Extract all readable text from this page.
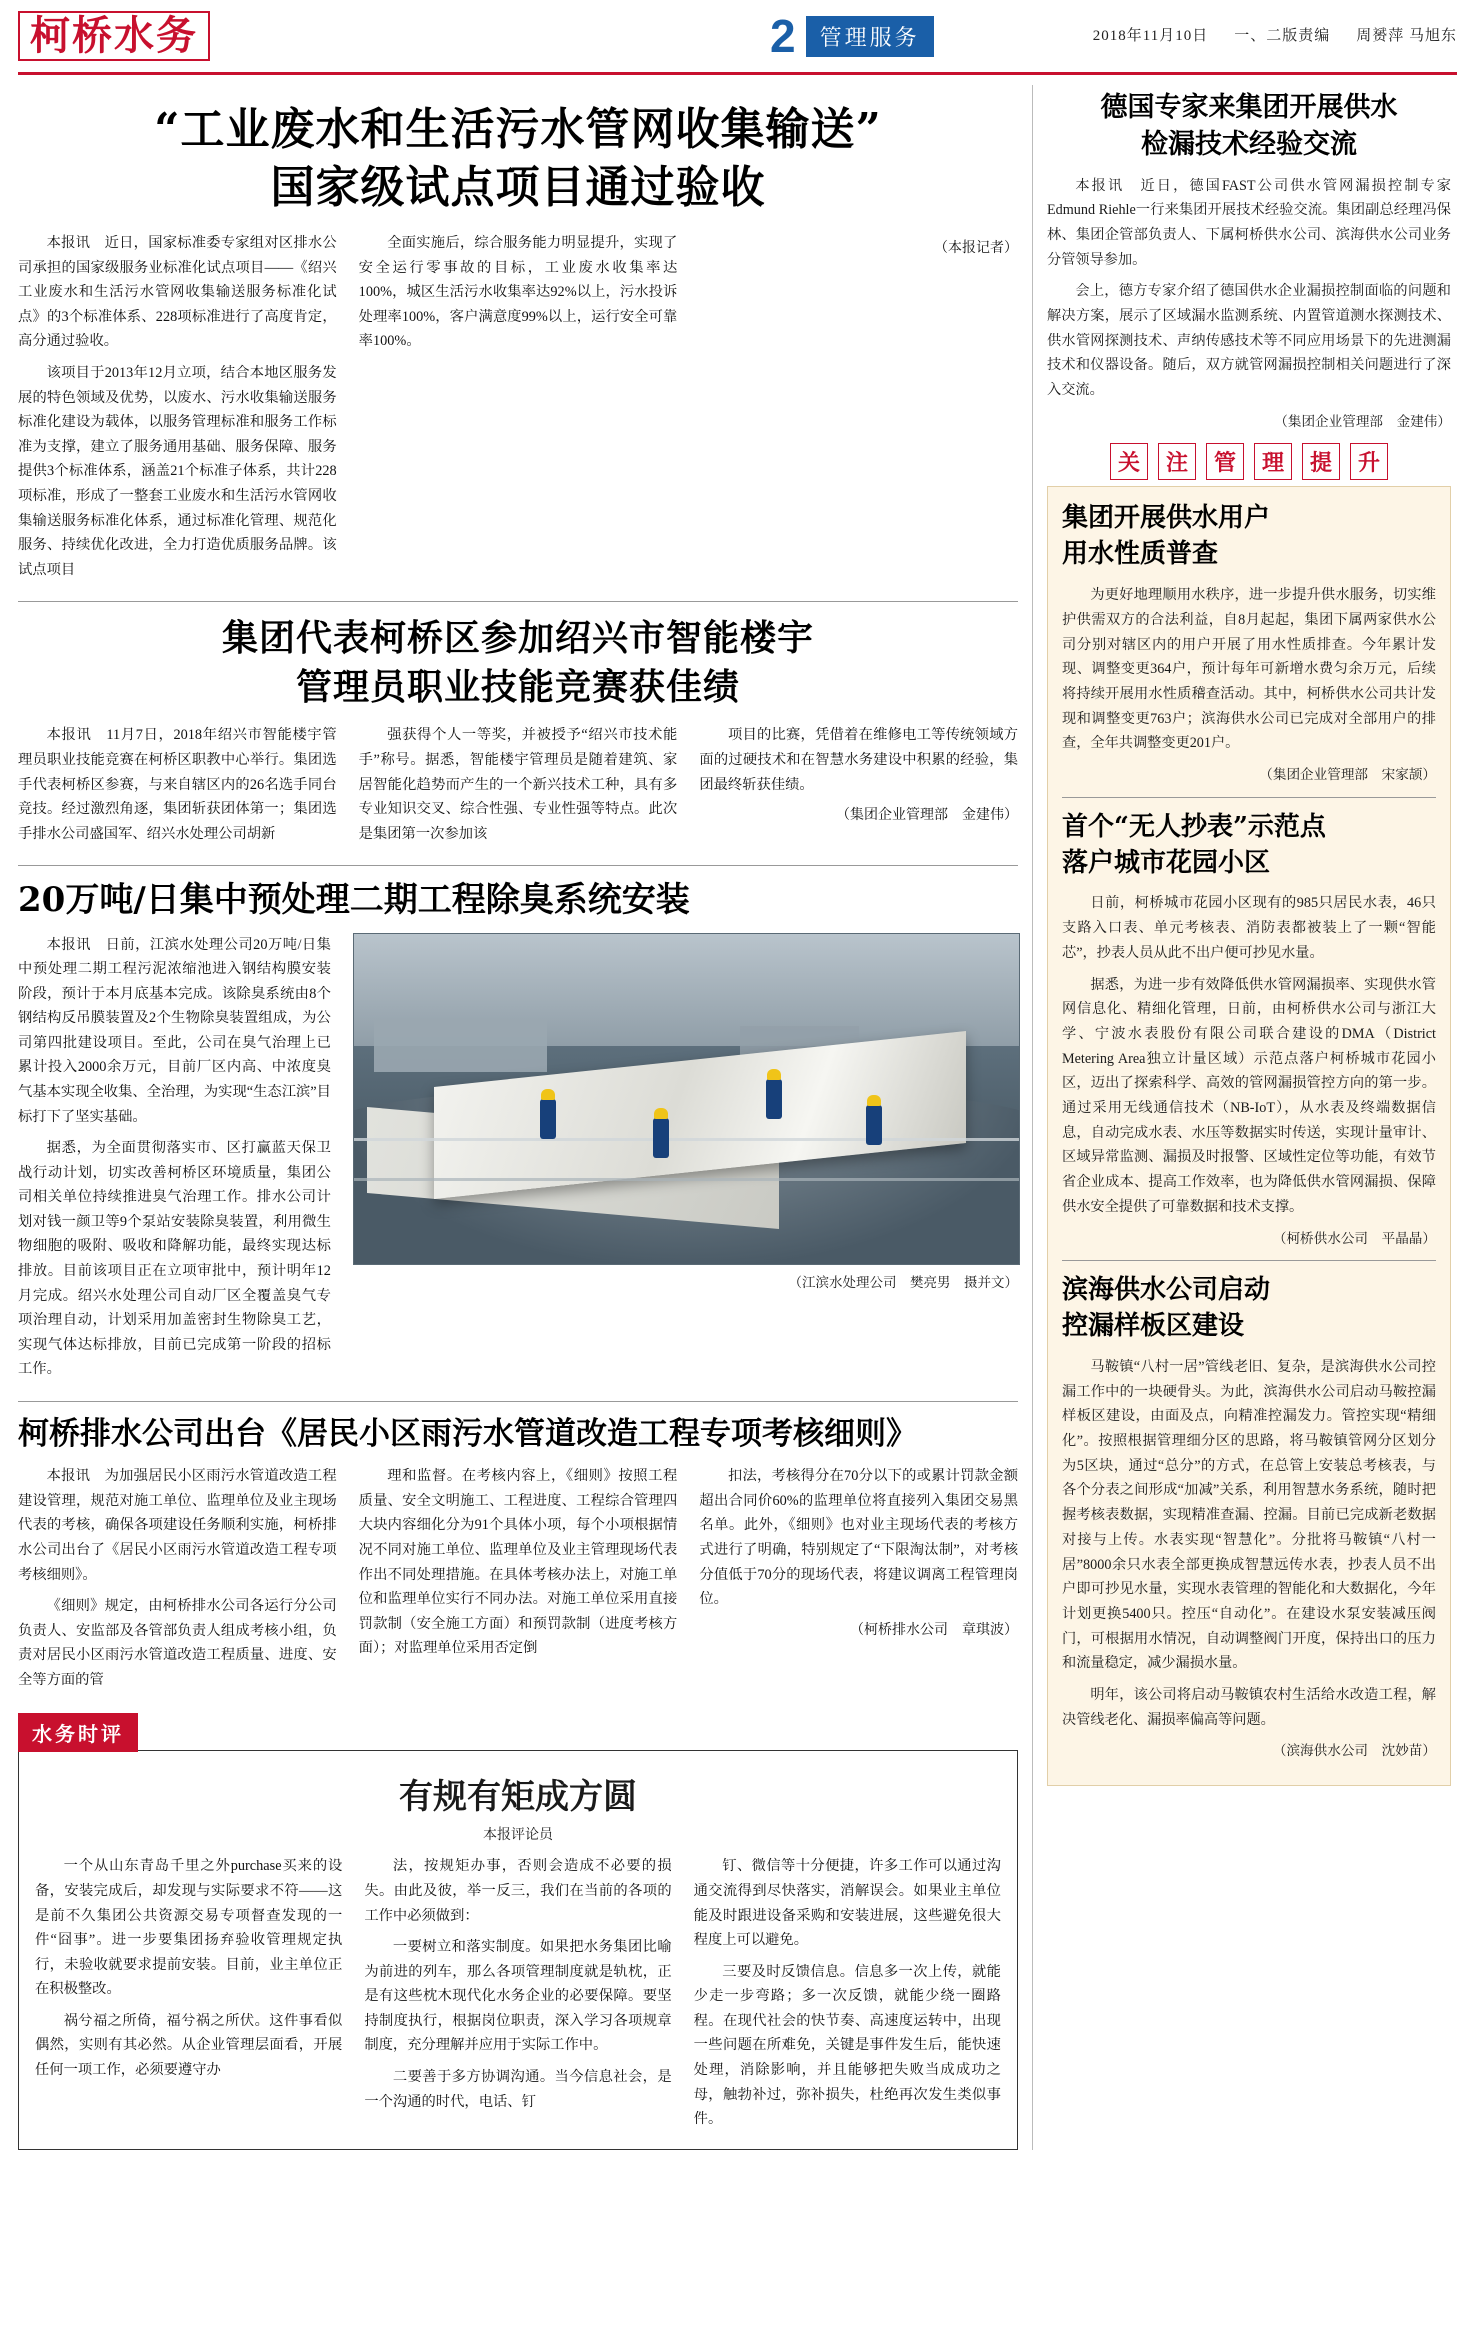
柯桥水务	2	管理服务	2018年11月10日 一、二版责编 周赟萍 马旭东
“工业废水和生活污水管网收集输送”
国家级试点项目通过验收

本报讯　近日，国家标准委专家组对区排水公司承担的国家级服务业标准化试点项目——《绍兴工业废水和生活污水管网收集输送服务标准化试点》的3个标准体系、228项标准进行了高度肯定，高分通过验收。

该项目于2013年12月立项，结合本地区服务发展的特色领域及优势，以废水、污水收集输送服务标准化建设为载体，以服务管理标准和服务工作标准为支撑，建立了服务通用基础、服务保障、服务提供3个标准体系，涵盖21个标准子体系，共计228项标准，形成了一整套工业废水和生活污水管网收集输送服务标准化体系，通过标准化管理、规范化服务、持续优化改进，全力打造优质服务品牌。该试点项目

全面实施后，综合服务能力明显提升，实现了安全运行零事故的目标，工业废水收集率达100%，城区生活污水收集率达92%以上，污水投诉处理率100%，客户满意度99%以上，运行安全可靠率100%。

（本报记者）

集团代表柯桥区参加绍兴市智能楼宇
管理员职业技能竞赛获佳绩

本报讯　11月7日，2018年绍兴市智能楼宇管理员职业技能竞赛在柯桥区职教中心举行。集团选手代表柯桥区参赛，与来自辖区内的26名选手同台竞技。经过激烈角逐，集团斩获团体第一；集团选手排水公司盛国军、绍兴水处理公司胡新

强获得个人一等奖，并被授予“绍兴市技术能手”称号。据悉，智能楼宇管理员是随着建筑、家居智能化趋势而产生的一个新兴技术工种，具有多专业知识交叉、综合性强、专业性强等特点。此次是集团第一次参加该

项目的比赛，凭借着在维修电工等传统领域方面的过硬技术和在智慧水务建设中积累的经验，集团最终斩获佳绩。

（集团企业管理部　金建伟）

20万吨/日集中预处理二期工程除臭系统安装

本报讯　日前，江滨水处理公司20万吨/日集中预处理二期工程污泥浓缩池进入钢结构膜安装阶段，预计于本月底基本完成。该除臭系统由8个钢结构反吊膜装置及2个生物除臭装置组成，为公司第四批建设项目。至此，公司在臭气治理上已累计投入2000余万元，目前厂区内高、中浓度臭气基本实现全收集、全治理，为实现“生态江滨”目标打下了坚实基础。

据悉，为全面贯彻落实市、区打赢蓝天保卫战行动计划，切实改善柯桥区环境质量，集团公司相关单位持续推进臭气治理工作。排水公司计划对钱一颜卫等9个泵站安装除臭装置，利用微生物细胞的吸附、吸收和降解功能，最终实现达标排放。目前该项目正在立项审批中，预计明年12月完成。绍兴水处理公司自动厂区全覆盖臭气专项治理自动，计划采用加盖密封生物除臭工艺，实现气体达标排放，目前已完成第一阶段的招标工作。

（江滨水处理公司　樊亮男　摄并文）

柯桥排水公司出台《居民小区雨污水管道改造工程专项考核细则》

本报讯　为加强居民小区雨污水管道改造工程建设管理，规范对施工单位、监理单位及业主现场代表的考核，确保各项建设任务顺利实施，柯桥排水公司出台了《居民小区雨污水管道改造工程专项考核细则》。

《细则》规定，由柯桥排水公司各运行分公司负责人、安监部及各管部负责人组成考核小组，负责对居民小区雨污水管道改造工程质量、进度、安全等方面的管

理和监督。在考核内容上，《细则》按照工程质量、安全文明施工、工程进度、工程综合管理四大块内容细化分为91个具体小项，每个小项根据情况不同对施工单位、监理单位及业主管理现场代表作出不同处理措施。在具体考核办法上，对施工单位和监理单位实行不同办法。对施工单位采用直接罚款制（安全施工方面）和预罚款制（进度考核方面）；对监理单位采用否定倒

扣法，考核得分在70分以下的或累计罚款金额超出合同价60%的监理单位将直接列入集团交易黑名单。此外，《细则》也对业主现场代表的考核方式进行了明确，特别规定了“下限淘汰制”，对考核分值低于70分的现场代表，将建议调离工程管理岗位。

（柯桥排水公司　章琪波）

水务时评
有规有矩成方圆
本报评论员

一个从山东青岛千里之外purchase买来的设备，安装完成后，却发现与实际要求不符——这是前不久集团公共资源交易专项督查发现的一件“囧事”。进一步要集团扬弃验收管理规定执行，未验收就要求提前安装。目前，业主单位正在积极整改。

祸兮福之所倚，福兮祸之所伏。这件事看似偶然，实则有其必然。从企业管理层面看，开展任何一项工作，必须要遵守办

法，按规矩办事，否则会造成不必要的损失。由此及彼，举一反三，我们在当前的各项的工作中必须做到：

一要树立和落实制度。如果把水务集团比喻为前进的列车，那么各项管理制度就是轨枕，正是有这些枕木现代化水务企业的必要保障。要坚持制度执行，根据岗位职责，深入学习各项规章制度，充分理解并应用于实际工作中。

二要善于多方协调沟通。当今信息社会，是一个沟通的时代，电话、钉

钉、微信等十分便捷，许多工作可以通过沟通交流得到尽快落实，消解误会。如果业主单位能及时跟进设备采购和安装进展，这些避免很大程度上可以避免。

三要及时反馈信息。信息多一次上传，就能少走一步弯路；多一次反馈，就能少绕一圈路程。在现代社会的快节奏、高速度运转中，出现一些问题在所难免，关键是事件发生后，能快速处理，消除影响，并且能够把失败当成成功之母，触勃补过，弥补损失，杜绝再次发生类似事件。

德国专家来集团开展供水
检漏技术经验交流

本报讯　近日，德国FAST公司供水管网漏损控制专家Edmund Riehle一行来集团开展技术经验交流。集团副总经理冯保林、集团企管部负责人、下属柯桥供水公司、滨海供水公司业务分管领导参加。

会上，德方专家介绍了德国供水企业漏损控制面临的问题和解决方案，展示了区域漏水监测系统、内置管道测水探测技术、供水管网探测技术、声纳传感技术等不同应用场景下的先进测漏技术和仪器设备。随后，双方就管网漏损控制相关问题进行了深入交流。

（集团企业管理部　金建伟）

关 注 管 理 提 升
集团开展供水用户
用水性质普查

为更好地理顺用水秩序，进一步提升供水服务，切实维护供需双方的合法利益，自8月起起，集团下属两家供水公司分别对辖区内的用户开展了用水性质排查。今年累计发现、调整变更364户，预计每年可新增水费匀余万元，后续将持续开展用水性质稽查活动。其中，柯桥供水公司共计发现和调整变更763户；滨海供水公司已完成对全部用户的排查，全年共调整变更201户。

（集团企业管理部　宋家颉）

首个“无人抄表”示范点
落户城市花园小区

日前，柯桥城市花园小区现有的985只居民水表，46只支路入口表、单元考核表、消防表都被装上了一颗“智能芯”，抄表人员从此不出户便可抄见水量。

据悉，为进一步有效降低供水管网漏损率、实现供水管网信息化、精细化管理，日前，由柯桥供水公司与浙江大学、宁波水表股份有限公司联合建设的DMA（District Metering Area独立计量区域）示范点落户柯桥城市花园小区，迈出了探索科学、高效的管网漏损管控方向的第一步。通过采用无线通信技术（NB-IoT），从水表及终端数据信息，自动完成水表、水压等数据实时传送，实现计量审计、区域异常监测、漏损及时报警、区域性定位等功能，有效节省企业成本、提高工作效率，也为降低供水管网漏损、保障供水安全提供了可靠数据和技术支撑。

（柯桥供水公司　平晶晶）

滨海供水公司启动
控漏样板区建设

马鞍镇“八村一居”管线老旧、复杂，是滨海供水公司控漏工作中的一块硬骨头。为此，滨海供水公司启动马鞍控漏样板区建设，由面及点，向精准控漏发力。管控实现“精细化”。按照根据管理细分区的思路，将马鞍镇管网分区划分为5区块，通过“总分”的方式，在总管上安装总考核表，与各个分表之间形成“加减”关系，利用智慧水务系统，随时把握考核表数据，实现精准查漏、控漏。目前已完成新老数据对接与上传。水表实现“智慧化”。分批将马鞍镇“八村一居”8000余只水表全部更换成智慧远传水表，抄表人员不出户即可抄见水量，实现水表管理的智能化和大数据化，今年计划更换5400只。控压“自动化”。在建设水泵安装减压阀门，可根据用水情况，自动调整阀门开度，保持出口的压力和流量稳定，减少漏损水量。

明年，该公司将启动马鞍镇农村生活给水改造工程，解决管线老化、漏损率偏高等问题。

（滨海供水公司　沈妙苗）
